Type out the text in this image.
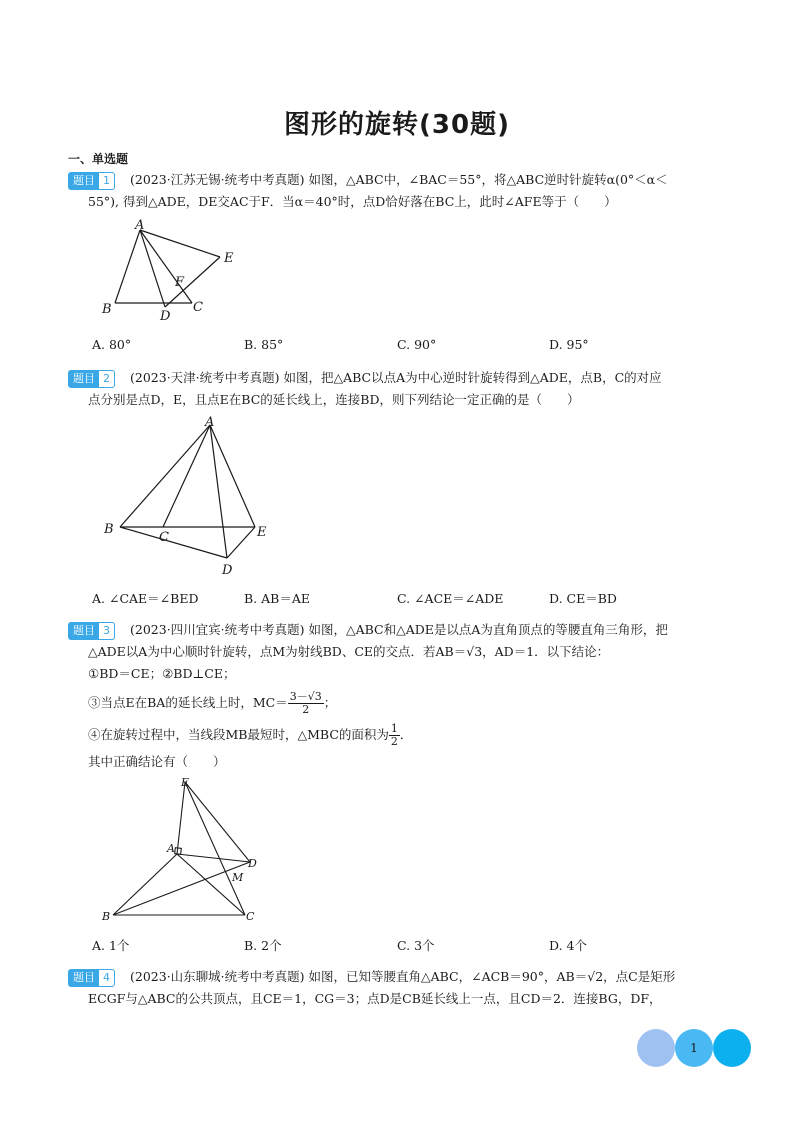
图形的旋转(30题)
一、单选题
题目 1	(2023·江苏无锡·统考中考真题) 如图，△ABC中，∠BAC＝55°，将△ABC逆时针旋转α(0°＜α＜
55°), 得到△ADE，DE交AC于F．当α＝40°时，点D恰好落在BC上，此时∠AFE等于（　　）
A
B	C
D
E
F
A. 80°	B. 85°	C. 90°	D. 95°
题目 2	(2023·天津·统考中考真题) 如图，把△ABC以点A为中心逆时针旋转得到△ADE，点B，C的对应
点分别是点D，E，且点E在BC的延长线上，连接BD，则下列结论一定正确的是（　　）
A
B
C
D
E
A. ∠CAE＝∠BED	B. AB＝AE	C. ∠ACE＝∠ADE	D. CE＝BD
题目 3	(2023·四川宜宾·统考中考真题) 如图，△ABC和△ADE是以点A为直角顶点的等腰直角三角形，把
△ADE以A为中心顺时针旋转，点M为射线BD、CE的交点．若AB＝√3，AD＝1．以下结论：
①BD＝CE；②BD⊥CE；
③当点E在BA的延长线上时，$MC= \frac{3-√3}{2}$ ；
④在旋转过程中，当线段MB最短时，△MBC的面积为 $\frac{1}{2}$ ．
其中正确结论有（　　）
E
A
D
M
B	C
A. 1个	B. 2个	C. 3个	D. 4个
题目 4	(2023·山东聊城·统考中考真题) 如图，已知等腰直角△ABC，∠ACB＝90°，AB＝√2，点C是矩形
ECGF与△ABC的公共顶点，且CE＝1，CG＝3；点D是CB延长线上一点，且CD＝2．连接BG，DF，
1
